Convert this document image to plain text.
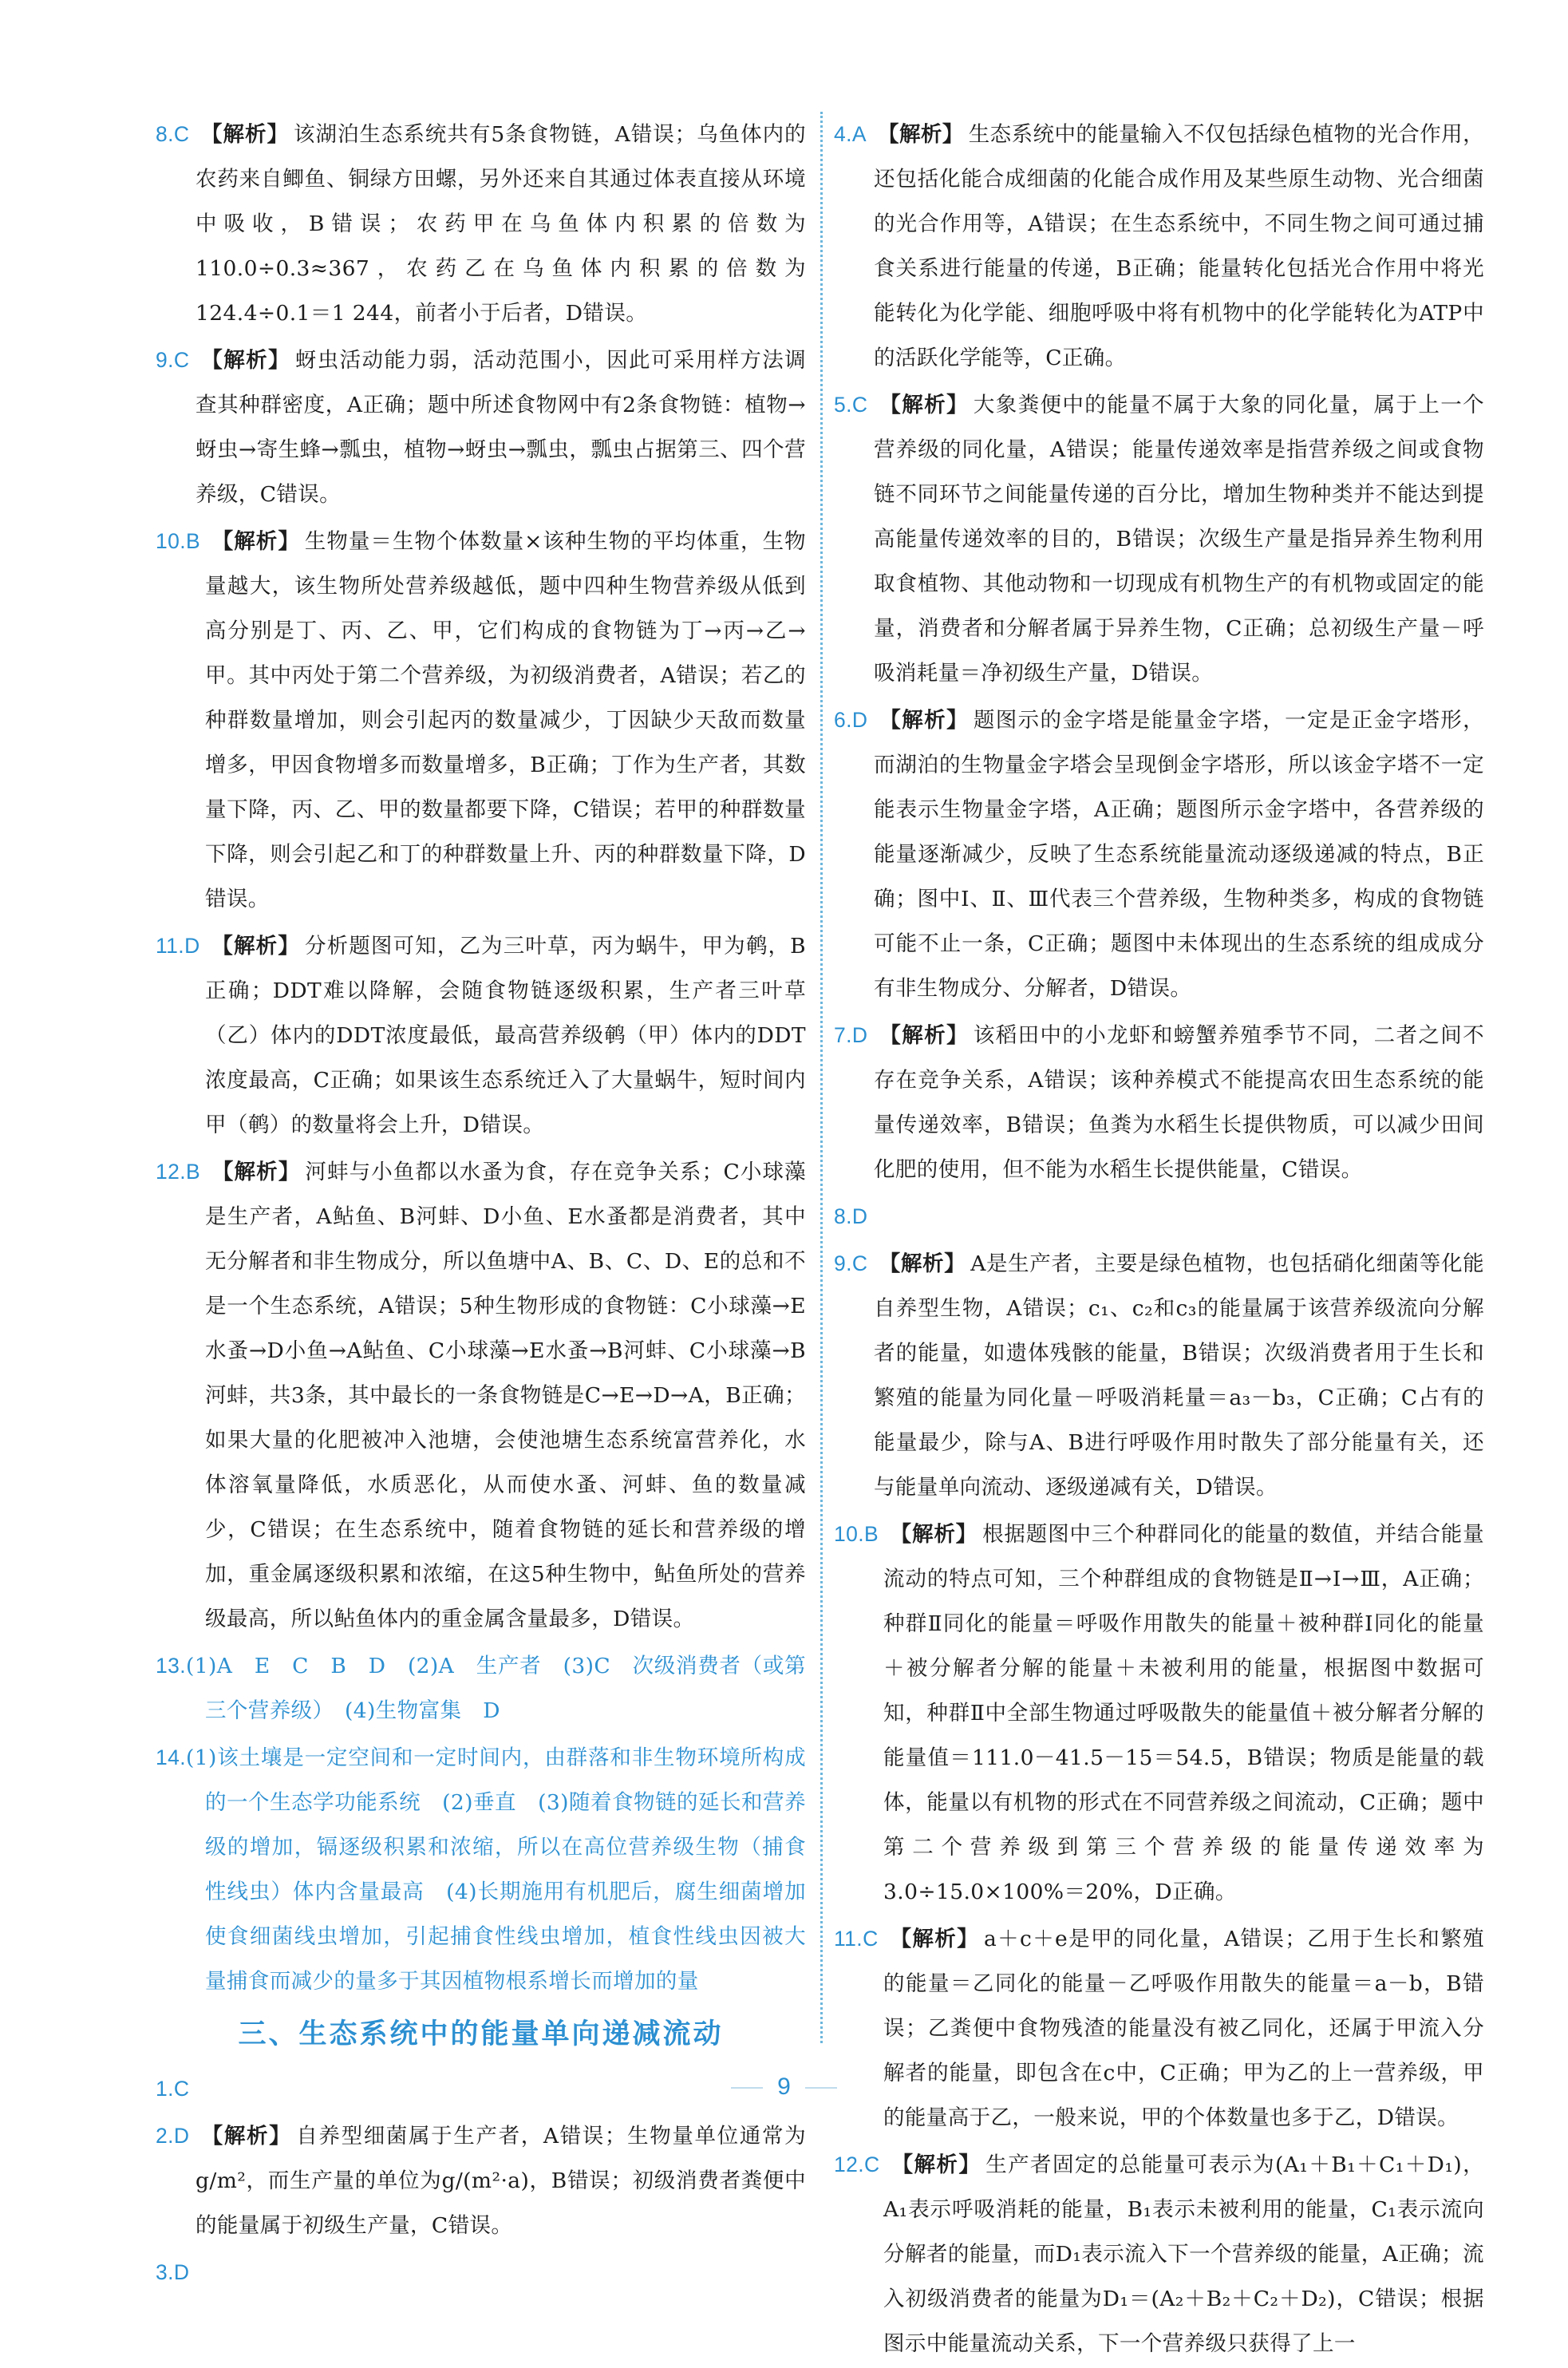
8.C 【解析】 该湖泊生态系统共有5条食物链，A错误；乌鱼体内的农药来自鲫鱼、铜绿方田螺，另外还来自其通过体表直接从环境中吸收，B错误；农药甲在乌鱼体内积累的倍数为110.0÷0.3≈367，农药乙在乌鱼体内积累的倍数为124.4÷0.1＝1 244，前者小于后者，D错误。

9.C 【解析】 蚜虫活动能力弱，活动范围小，因此可采用样方法调查其种群密度，A正确；题中所述食物网中有2条食物链：植物→蚜虫→寄生蜂→瓢虫，植物→蚜虫→瓢虫，瓢虫占据第三、四个营养级，C错误。

10.B 【解析】 生物量＝生物个体数量×该种生物的平均体重，生物量越大，该生物所处营养级越低，题中四种生物营养级从低到高分别是丁、丙、乙、甲，它们构成的食物链为丁→丙→乙→甲。其中丙处于第二个营养级，为初级消费者，A错误；若乙的种群数量增加，则会引起丙的数量减少，丁因缺少天敌而数量增多，甲因食物增多而数量增多，B正确；丁作为生产者，其数量下降，丙、乙、甲的数量都要下降，C错误；若甲的种群数量下降，则会引起乙和丁的种群数量上升、丙的种群数量下降，D错误。

11.D 【解析】 分析题图可知，乙为三叶草，丙为蜗牛，甲为鹌，B正确；DDT难以降解，会随食物链逐级积累，生产者三叶草（乙）体内的DDT浓度最低，最高营养级鹌（甲）体内的DDT浓度最高，C正确；如果该生态系统迁入了大量蜗牛，短时间内甲（鹌）的数量将会上升，D错误。

12.B 【解析】 河蚌与小鱼都以水蚤为食，存在竞争关系；C小球藻是生产者，A鲇鱼、B河蚌、D小鱼、E水蚤都是消费者，其中无分解者和非生物成分，所以鱼塘中A、B、C、D、E的总和不是一个生态系统，A错误；5种生物形成的食物链：C小球藻→E水蚤→D小鱼→A鲇鱼、C小球藻→E水蚤→B河蚌、C小球藻→B河蚌，共3条，其中最长的一条食物链是C→E→D→A，B正确；如果大量的化肥被冲入池塘，会使池塘生态系统富营养化，水体溶氧量降低，水质恶化，从而使水蚤、河蚌、鱼的数量减少，C错误；在生态系统中，随着食物链的延长和营养级的增加，重金属逐级积累和浓缩，在这5种生物中，鲇鱼所处的营养级最高，所以鲇鱼体内的重金属含量最多，D错误。

13.(1)A　E　C　B　D　(2)A　生产者　(3)C　次级消费者（或第三个营养级）　(4)生物富集　D

14.(1)该土壤是一定空间和一定时间内，由群落和非生物环境所构成的一个生态学功能系统　(2)垂直　(3)随着食物链的延长和营养级的增加，镉逐级积累和浓缩，所以在高位营养级生物（捕食性线虫）体内含量最高　(4)长期施用有机肥后，腐生细菌增加使食细菌线虫增加，引起捕食性线虫增加，植食性线虫因被大量捕食而减少的量多于其因植物根系增长而增加的量

三、生态系统中的能量单向递减流动

1.C

2.D 【解析】 自养型细菌属于生产者，A错误；生物量单位通常为g/m²，而生产量的单位为g/(m²·a)，B错误；初级消费者粪便中的能量属于初级生产量，C错误。

3.D

4.A 【解析】 生态系统中的能量输入不仅包括绿色植物的光合作用，还包括化能合成细菌的化能合成作用及某些原生动物、光合细菌的光合作用等，A错误；在生态系统中，不同生物之间可通过捕食关系进行能量的传递，B正确；能量转化包括光合作用中将光能转化为化学能、细胞呼吸中将有机物中的化学能转化为ATP中的活跃化学能等，C正确。

5.C 【解析】 大象粪便中的能量不属于大象的同化量，属于上一个营养级的同化量，A错误；能量传递效率是指营养级之间或食物链不同环节之间能量传递的百分比，增加生物种类并不能达到提高能量传递效率的目的，B错误；次级生产量是指异养生物利用取食植物、其他动物和一切现成有机物生产的有机物或固定的能量，消费者和分解者属于异养生物，C正确；总初级生产量－呼吸消耗量＝净初级生产量，D错误。

6.D 【解析】 题图示的金字塔是能量金字塔，一定是正金字塔形，而湖泊的生物量金字塔会呈现倒金字塔形，所以该金字塔不一定能表示生物量金字塔，A正确；题图所示金字塔中，各营养级的能量逐渐减少，反映了生态系统能量流动逐级递减的特点，B正确；图中Ⅰ、Ⅱ、Ⅲ代表三个营养级，生物种类多，构成的食物链可能不止一条，C正确；题图中未体现出的生态系统的组成成分有非生物成分、分解者，D错误。

7.D 【解析】 该稻田中的小龙虾和螃蟹养殖季节不同，二者之间不存在竞争关系，A错误；该种养模式不能提高农田生态系统的能量传递效率，B错误；鱼粪为水稻生长提供物质，可以减少田间化肥的使用，但不能为水稻生长提供能量，C错误。

8.D

9.C 【解析】 A是生产者，主要是绿色植物，也包括硝化细菌等化能自养型生物，A错误；c₁、c₂和c₃的能量属于该营养级流向分解者的能量，如遗体残骸的能量，B错误；次级消费者用于生长和繁殖的能量为同化量－呼吸消耗量＝a₃－b₃，C正确；C占有的能量最少，除与A、B进行呼吸作用时散失了部分能量有关，还与能量单向流动、逐级递减有关，D错误。

10.B 【解析】 根据题图中三个种群同化的能量的数值，并结合能量流动的特点可知，三个种群组成的食物链是Ⅱ→Ⅰ→Ⅲ，A正确；种群Ⅱ同化的能量＝呼吸作用散失的能量＋被种群Ⅰ同化的能量＋被分解者分解的能量＋未被利用的能量，根据图中数据可知，种群Ⅱ中全部生物通过呼吸散失的能量值＋被分解者分解的能量值＝111.0－41.5－15＝54.5，B错误；物质是能量的载体，能量以有机物的形式在不同营养级之间流动，C正确；题中第二个营养级到第三个营养级的能量传递效率为3.0÷15.0×100%＝20%，D正确。

11.C 【解析】 a＋c＋e是甲的同化量，A错误；乙用于生长和繁殖的能量＝乙同化的能量－乙呼吸作用散失的能量＝a－b，B错误；乙粪便中食物残渣的能量没有被乙同化，还属于甲流入分解者的能量，即包含在c中，C正确；甲为乙的上一营养级，甲的能量高于乙，一般来说，甲的个体数量也多于乙，D错误。

12.C 【解析】 生产者固定的总能量可表示为(A₁＋B₁＋C₁＋D₁)，A₁表示呼吸消耗的能量，B₁表示未被利用的能量，C₁表示流向分解者的能量，而D₁表示流入下一个营养级的能量，A正确；流入初级消费者的能量为D₁＝(A₂＋B₂＋C₂＋D₂)，C错误；根据图示中能量流动关系，下一个营养级只获得了上一

9
